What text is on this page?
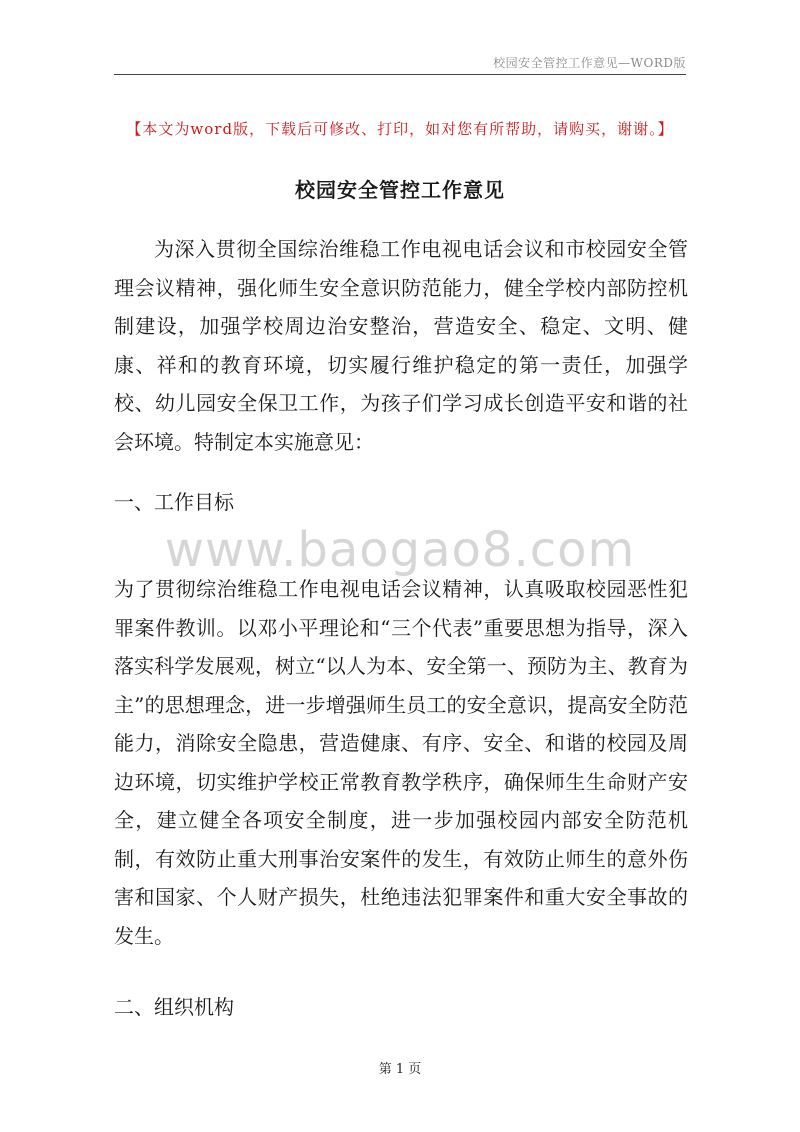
校园安全管控工作意见—WORD版
【本文为word版，下载后可修改、打印，如对您有所帮助，请购买，谢谢。】
校园安全管控工作意见
为深入贯彻全国综治维稳工作电视电话会议和市校园安全管理会议精神，强化师生安全意识防范能力，健全学校内部防控机制建设，加强学校周边治安整治，营造安全、稳定、文明、健康、祥和的教育环境，切实履行维护稳定的第一责任，加强学校、幼儿园安全保卫工作，为孩子们学习成长创造平安和谐的社会环境。特制定本实施意见：
一、工作目标
www.baogao8.com
为了贯彻综治维稳工作电视电话会议精神，认真吸取校园恶性犯罪案件教训。以邓小平理论和“三个代表”重要思想为指导，深入落实科学发展观，树立“以人为本、安全第一、预防为主、教育为主”的思想理念，进一步增强师生员工的安全意识，提高安全防范能力，消除安全隐患，营造健康、有序、安全、和谐的校园及周边环境，切实维护学校正常教育教学秩序，确保师生生命财产安全，建立健全各项安全制度，进一步加强校园内部安全防范机制，有效防止重大刑事治安案件的发生，有效防止师生的意外伤害和国家、个人财产损失，杜绝违法犯罪案件和重大安全事故的发生。
二、组织机构
第 1 页
